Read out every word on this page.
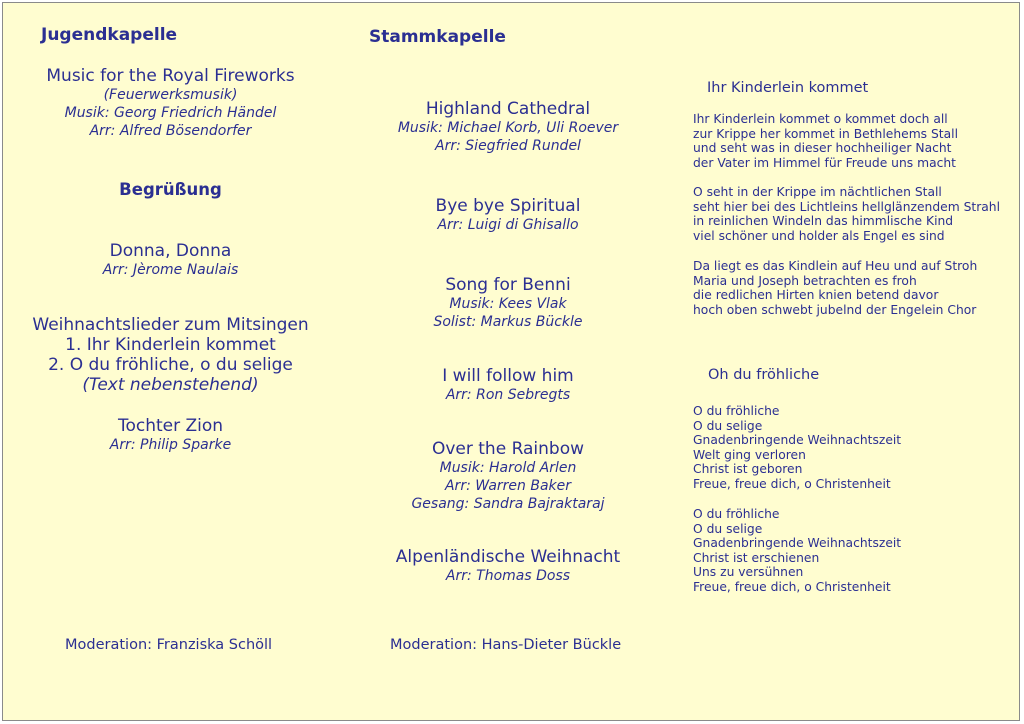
Jugendkapelle
Music for the Royal Fireworks
(Feuerwerksmusik)
Musik: Georg Friedrich Händel
Arr: Alfred Bösendorfer
Begrüßung
Donna, Donna
Arr: Jèrome Naulais
Weihnachtslieder zum Mitsingen
1. Ihr Kinderlein kommet
2. O du fröhliche, o du selige
(Text nebenstehend)
Tochter Zion
Arr: Philip Sparke
Moderation: Franziska Schöll
Stammkapelle
Highland Cathedral
Musik: Michael Korb, Uli Roever
Arr: Siegfried Rundel
Bye bye Spiritual
Arr: Luigi di Ghisallo
Song for Benni
Musik: Kees Vlak
Solist: Markus Bückle
I will follow him
Arr: Ron Sebregts
Over the Rainbow
Musik: Harold Arlen
Arr: Warren Baker
Gesang: Sandra Bajraktaraj
Alpenländische Weihnacht
Arr: Thomas Doss
Moderation: Hans-Dieter Bückle
Ihr Kinderlein kommet
Ihr Kinderlein kommet o kommet doch all
zur Krippe her kommet in Bethlehems Stall
und seht was in dieser hochheiliger Nacht
der Vater im Himmel für Freude uns macht
O seht in der Krippe im nächtlichen Stall
seht hier bei des Lichtleins hellglänzendem Strahl
in reinlichen Windeln das himmlische Kind
viel schöner und holder als Engel es sind
Da liegt es das Kindlein auf Heu und auf Stroh
Maria und Joseph betrachten es froh
die redlichen Hirten knien betend davor
hoch oben schwebt jubelnd der Engelein Chor
Oh du fröhliche
O du fröhliche
O du selige
Gnadenbringende Weihnachtszeit
Welt ging verloren
Christ ist geboren
Freue, freue dich, o Christenheit
O du fröhliche
O du selige
Gnadenbringende Weihnachtszeit
Christ ist erschienen
Uns zu versühnen
Freue, freue dich, o Christenheit
